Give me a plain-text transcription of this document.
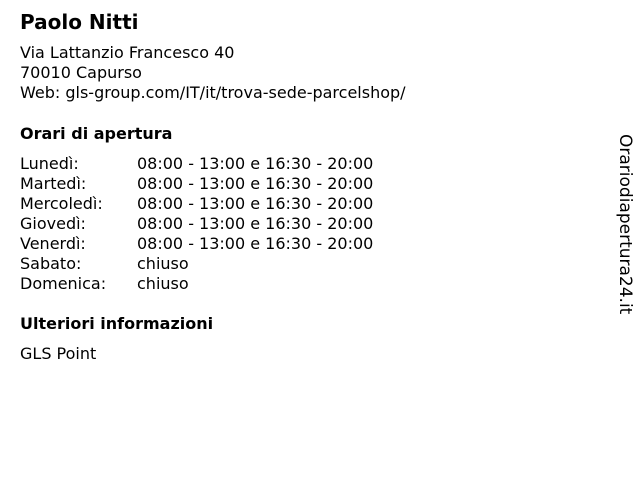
Paolo Nitti
Via Lattanzio Francesco 40
70010 Capurso
Web: gls-group.com/IT/it/trova-sede-parcelshop/
Orari di apertura
Lunedì:	08:00 - 13:00 e 16:30 - 20:00
Martedì:	08:00 - 13:00 e 16:30 - 20:00
Mercoledì: 08:00 - 13:00 e 16:30 - 20:00
Giovedì:	08:00 - 13:00 e 16:30 - 20:00
Venerdì:	08:00 - 13:00 e 16:30 - 20:00
Sabato:	chiuso
Domenica: chiuso
Ulteriori informazioni
GLS Point
Orariodiapertura24.it
